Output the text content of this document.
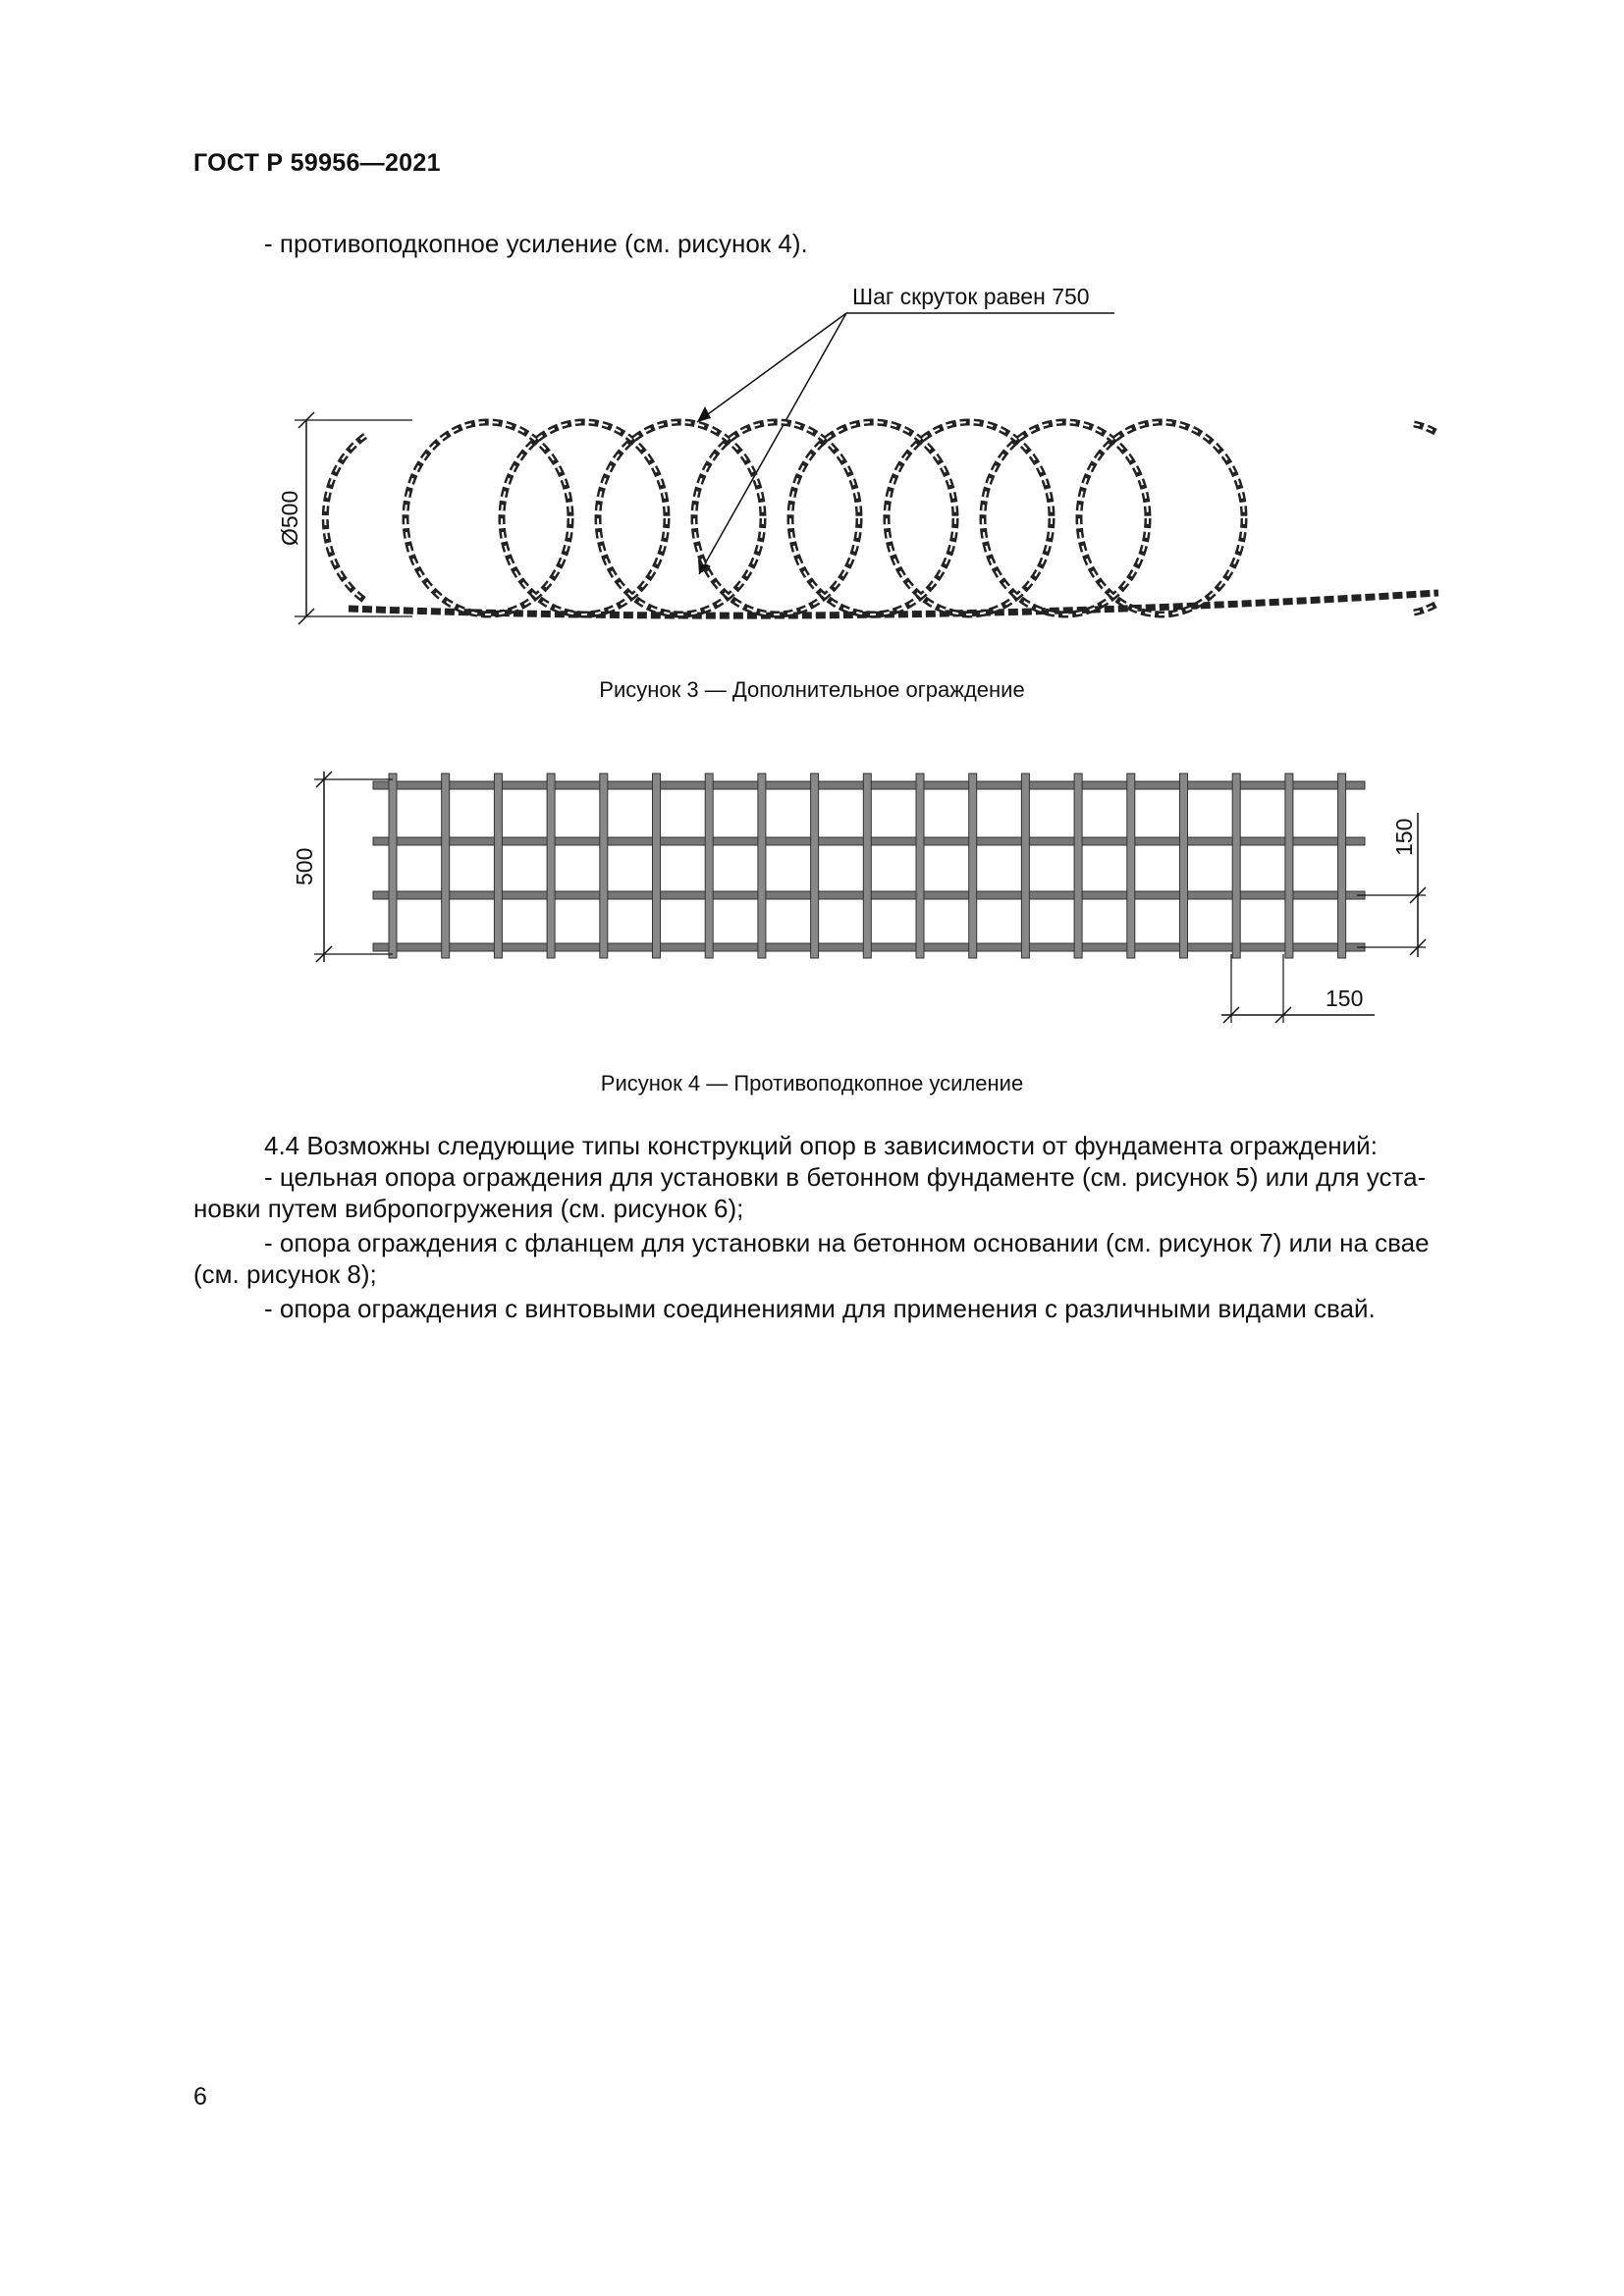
ГОСТ Р 59956—2021
- противоподкопное усиление (см. рисунок 4).
Шаг скруток равен 750
Ø500
Рисунок 3 — Дополнительное ограждение
500
150
150
Рисунок 4 — Противоподкопное усиление
4.4 Возможны следующие типы конструкций опор в зависимости от фундамента ограждений:
- цельная опора ограждения для установки в бетонном фундаменте (см. рисунок 5) или для уста-
новки путем вибропогружения (см. рисунок 6);
- опора ограждения с фланцем для установки на бетонном основании (см. рисунок 7) или на свае
(см. рисунок 8);
- опора ограждения с винтовыми соединениями для применения с различными видами свай.
6
